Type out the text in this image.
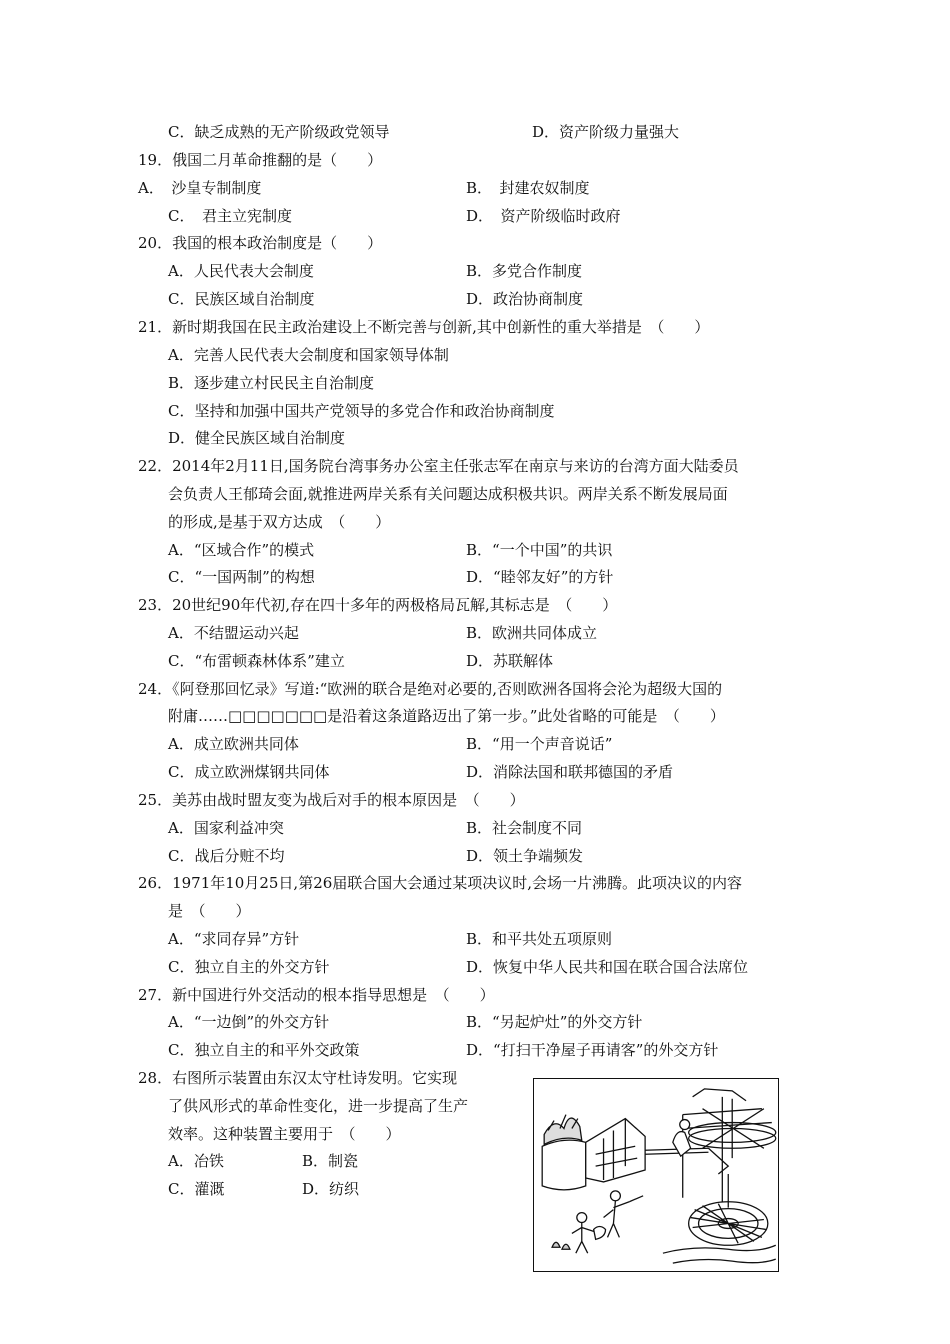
C．缺乏成熟的无产阶级政党领导	D．资产阶级力量强大
19．俄国二月革命推翻的是（　　）
A．　沙皇专制制度	B．　封建农奴制度
C．　君主立宪制度	D．　资产阶级临时政府
20．我国的根本政治制度是（　　）
A．人民代表大会制度	B．多党合作制度
C．民族区域自治制度	D．政治协商制度
21．新时期我国在民主政治建设上不断完善与创新,其中创新性的重大举措是　（　　）
A．完善人民代表大会制度和国家领导体制
B．逐步建立村民民主自治制度
C．坚持和加强中国共产党领导的多党合作和政治协商制度
D．健全民族区域自治制度
22．2014年2月11日,国务院台湾事务办公室主任张志军在南京与来访的台湾方面大陆委员
会负责人王郁琦会面,就推进两岸关系有关问题达成积极共识。两岸关系不断发展局面
的形成,是基于双方达成　（　　）
A．“区域合作”的模式	B．“一个中国”的共识
C．“一国两制”的构想	D．“睦邻友好”的方针
23．20世纪90年代初,存在四十多年的两极格局瓦解,其标志是　（　　）
A．不结盟运动兴起	B．欧洲共同体成立
C．“布雷顿森林体系”建立	D．苏联解体
24．《阿登那回忆录》写道:“欧洲的联合是绝对必要的,否则欧洲各国将会沦为超级大国的
附庸……□□□□□□□是沿着这条道路迈出了第一步。”此处省略的可能是　（　　）
A．成立欧洲共同体	B．“用一个声音说话”
C．成立欧洲煤钢共同体	D．消除法国和联邦德国的矛盾
25．美苏由战时盟友变为战后对手的根本原因是　（　　）
A．国家利益冲突	B．社会制度不同
C．战后分赃不均	D．领土争端频发
26．1971年10月25日,第26届联合国大会通过某项决议时,会场一片沸腾。此项决议的内容
是　（　　）
A．“求同存异”方针	B．和平共处五项原则
C．独立自主的外交方针	D．恢复中华人民共和国在联合国合法席位
27．新中国进行外交活动的根本指导思想是　（　　）
A．“一边倒”的外交方针	B．“另起炉灶”的外交方针
C．独立自主的和平外交政策	D．“打扫干净屋子再请客”的外交方针
28．右图所示装置由东汉太守杜诗发明。它实现
了供风形式的革命性变化，进一步提高了生产
效率。这种装置主要用于　（　　）
A．冶铁	B．制瓷
C．灌溉	D．纺织
